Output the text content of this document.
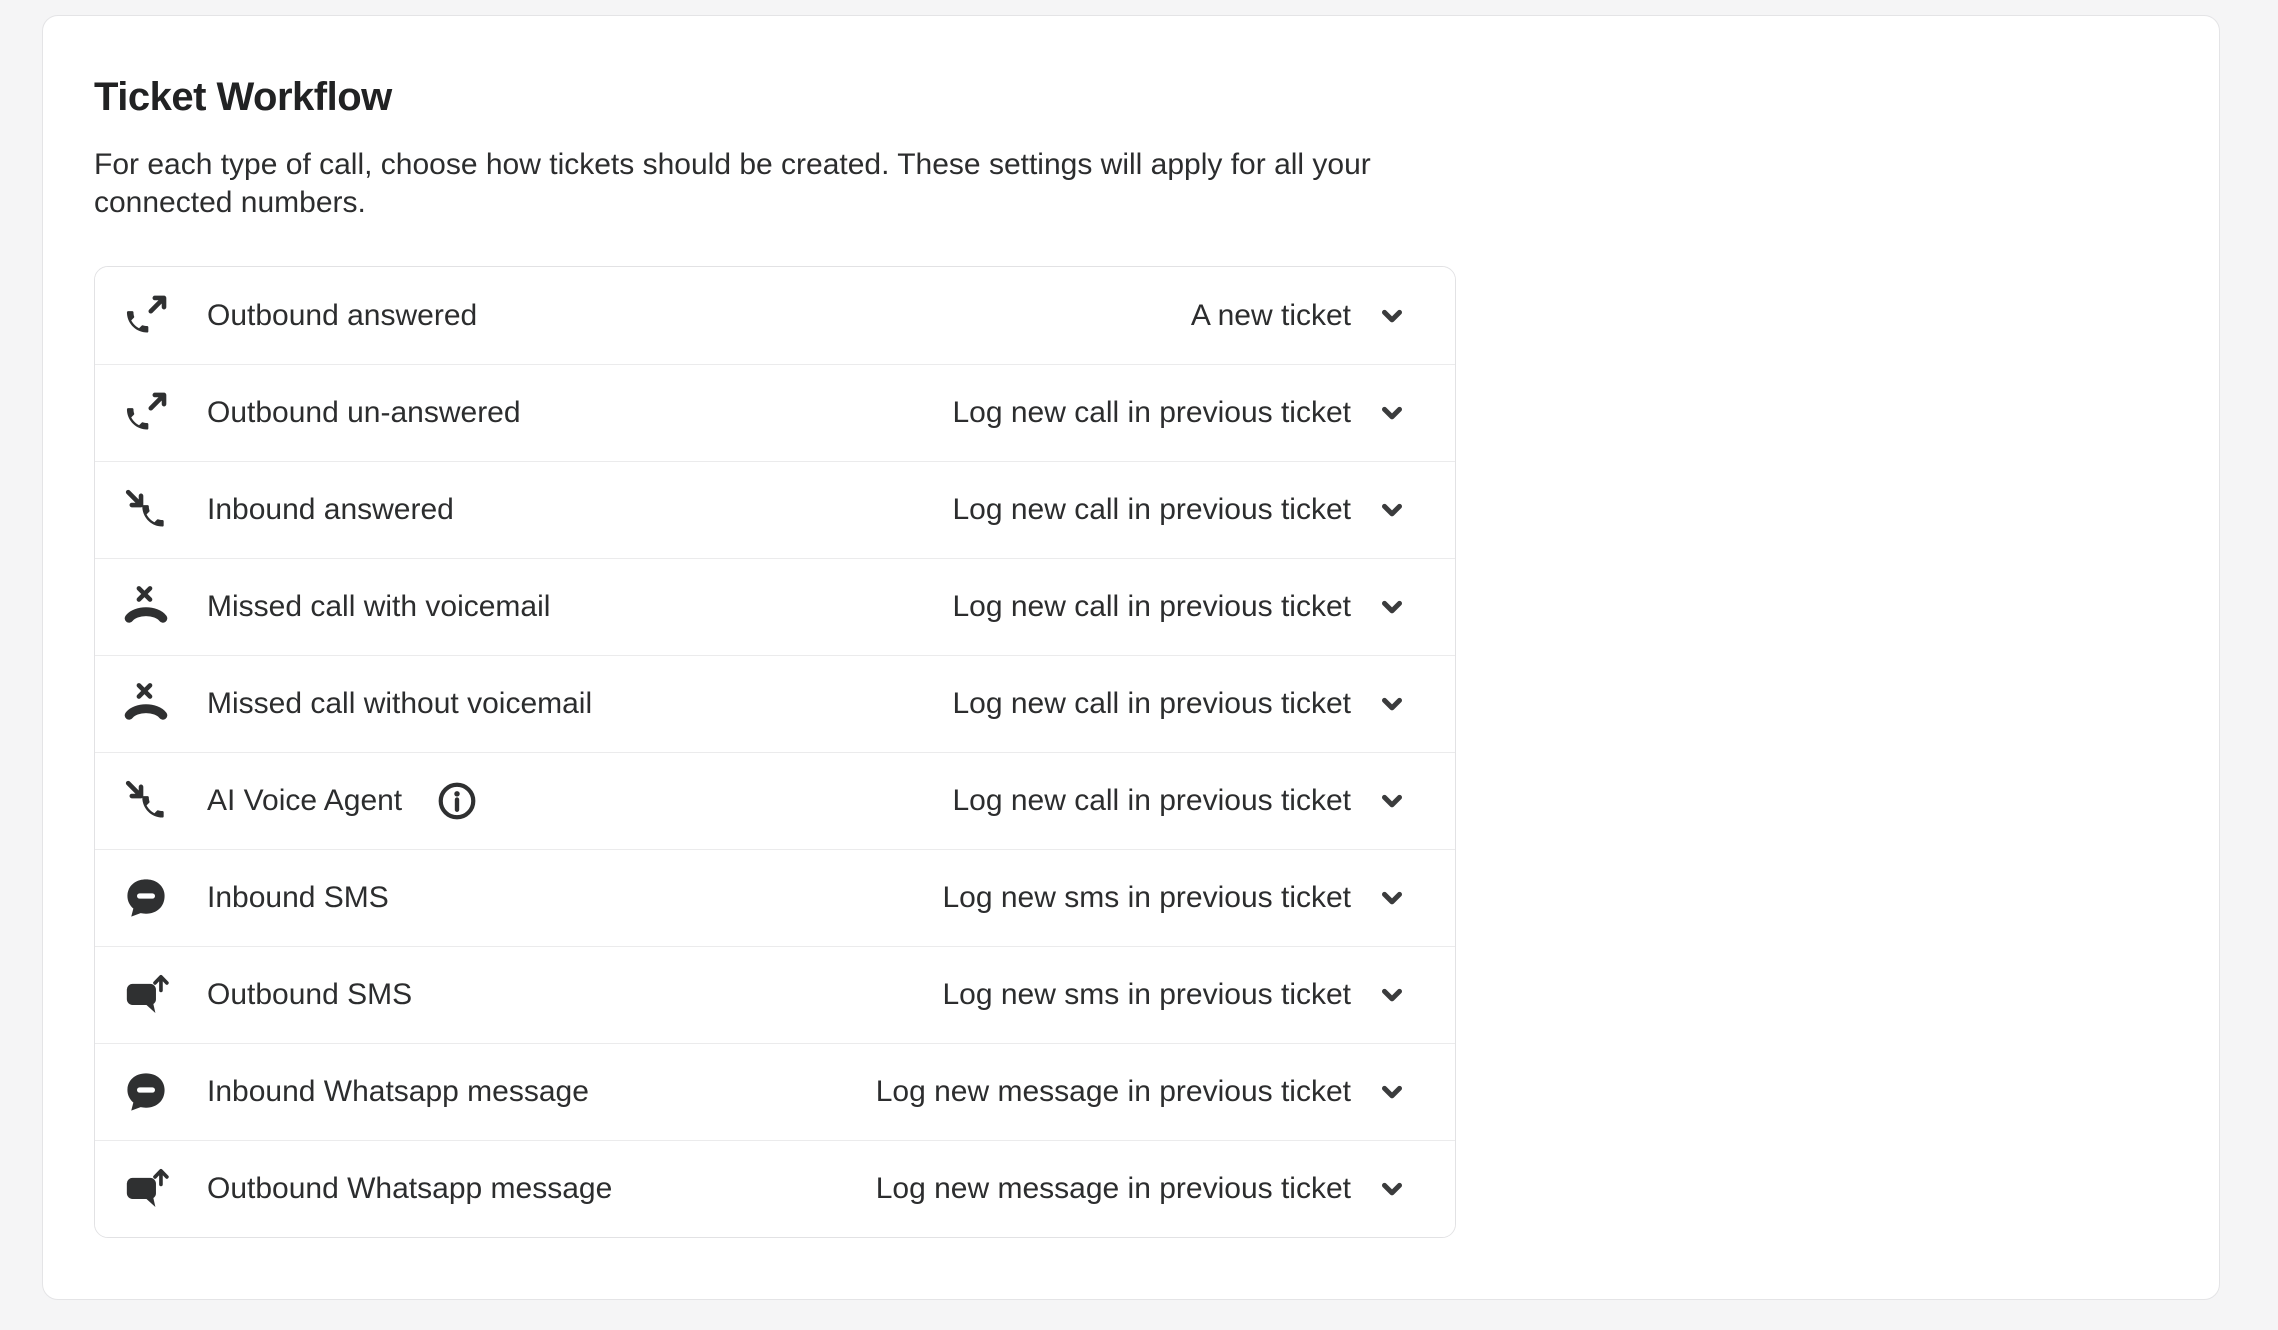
Ticket Workflow

For each type of call, choose how tickets should be created. These settings will apply for all your connected numbers.

Outbound answered	A new ticket
Outbound un-answered	Log new call in previous ticket
Inbound answered	Log new call in previous ticket
Missed call with voicemail	Log new call in previous ticket
Missed call without voicemail	Log new call in previous ticket
AI Voice Agent	Log new call in previous ticket
Inbound SMS	Log new sms in previous ticket
Outbound SMS	Log new sms in previous ticket
Inbound Whatsapp message	Log new message in previous ticket
Outbound Whatsapp message	Log new message in previous ticket
